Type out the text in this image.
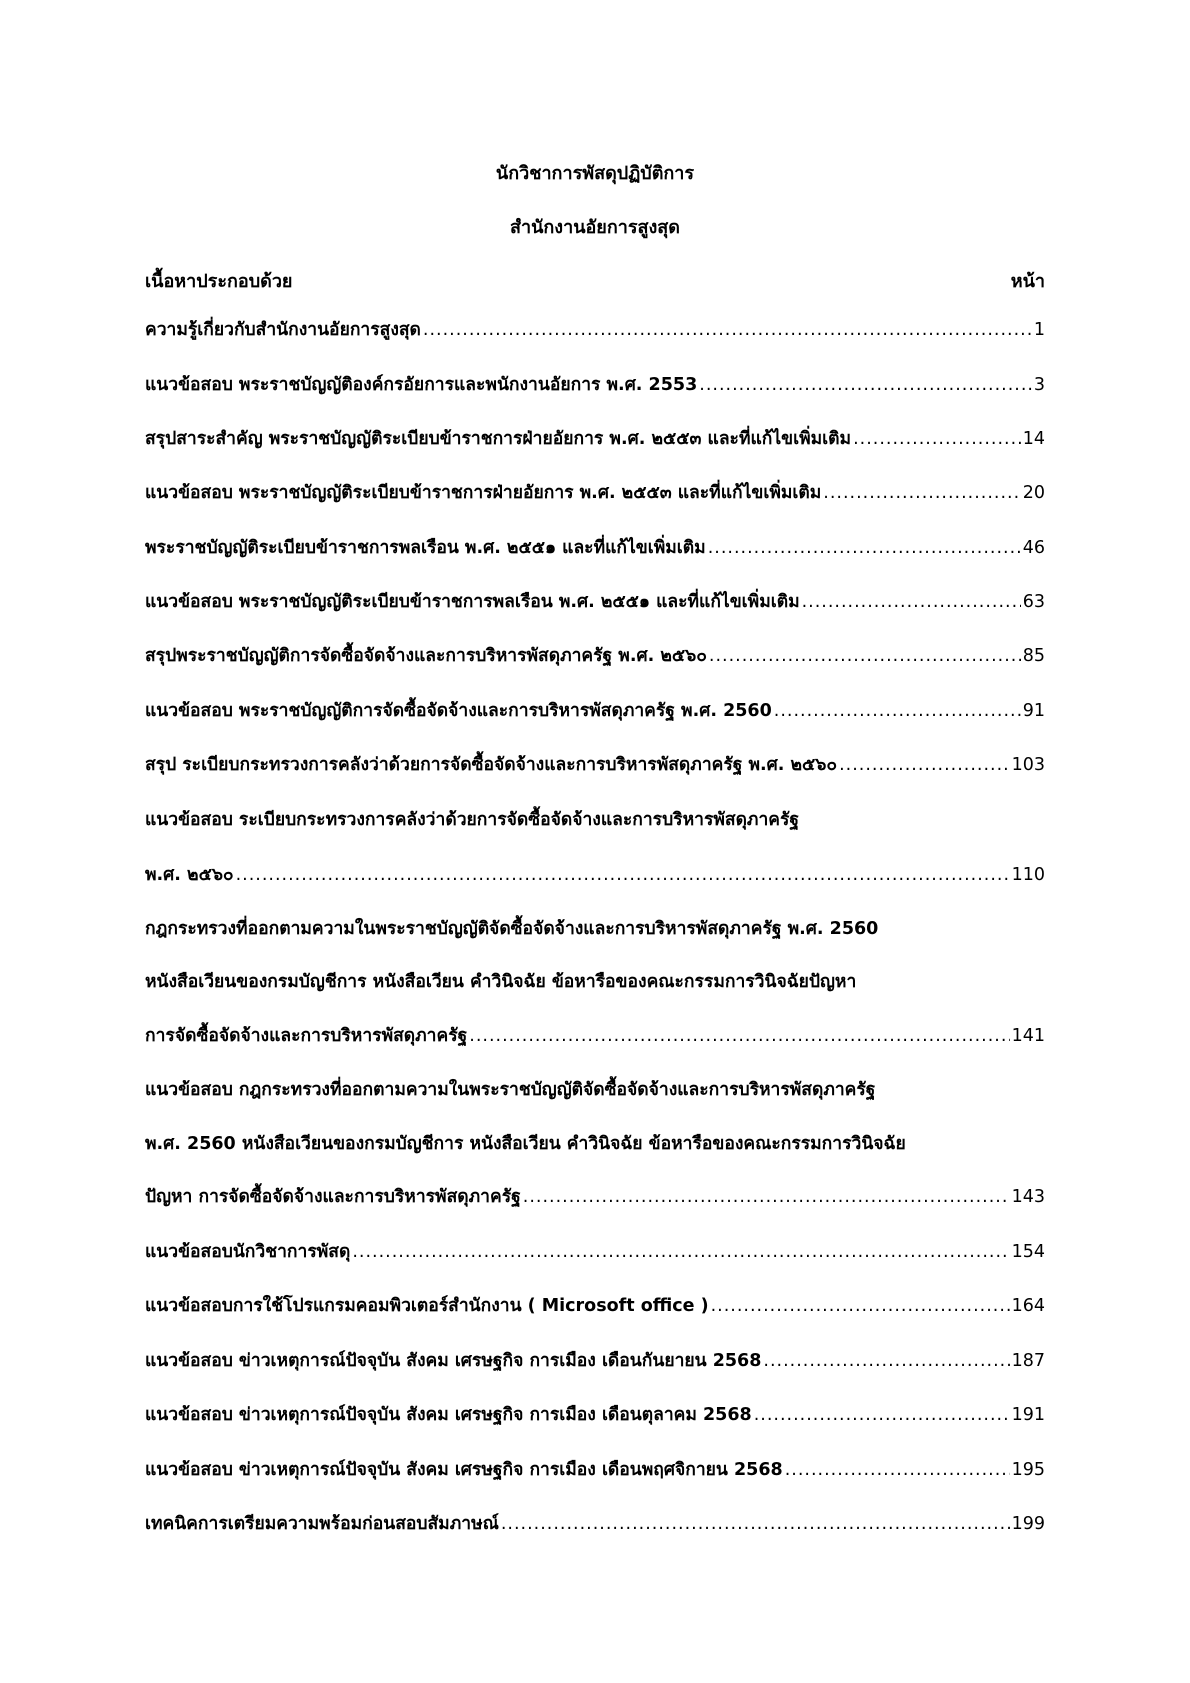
นักวิชาการพัสดุปฏิบัติการ
สำนักงานอัยการสูงสุด
เนื้อหาประกอบด้วย	หน้า
ความรู้เกี่ยวกับสำนักงานอัยการสูงสุด .....	1
แนวข้อสอบ พระราชบัญญัติองค์กรอัยการและพนักงานอัยการ พ.ศ. 2553 .....	3
สรุปสาระสำคัญ พระราชบัญญัติระเบียบข้าราชการฝ่ายอัยการ พ.ศ. ๒๕๕๓ และที่แก้ไขเพิ่มเติม .....	14
แนวข้อสอบ พระราชบัญญัติระเบียบข้าราชการฝ่ายอัยการ พ.ศ. ๒๕๕๓ และที่แก้ไขเพิ่มเติม .....	20
พระราชบัญญัติระเบียบข้าราชการพลเรือน พ.ศ. ๒๕๕๑ และที่แก้ไขเพิ่มเติม .....	46
แนวข้อสอบ พระราชบัญญัติระเบียบข้าราชการพลเรือน พ.ศ. ๒๕๕๑ และที่แก้ไขเพิ่มเติม .....	63
สรุปพระราชบัญญัติการจัดซื้อจัดจ้างและการบริหารพัสดุภาครัฐ พ.ศ. ๒๕๖๐ .....	85
แนวข้อสอบ พระราชบัญญัติการจัดซื้อจัดจ้างและการบริหารพัสดุภาครัฐ พ.ศ. 2560 .....	91
สรุป ระเบียบกระทรวงการคลังว่าด้วยการจัดซื้อจัดจ้างและการบริหารพัสดุภาครัฐ พ.ศ. ๒๕๖๐ .....	103
แนวข้อสอบ ระเบียบกระทรวงการคลังว่าด้วยการจัดซื้อจัดจ้างและการบริหารพัสดุภาครัฐ
พ.ศ. ๒๕๖๐ .....	110
กฎกระทรวงที่ออกตามความในพระราชบัญญัติจัดซื้อจัดจ้างและการบริหารพัสดุภาครัฐ พ.ศ. 2560
หนังสือเวียนของกรมบัญชีการ หนังสือเวียน คำวินิจฉัย ข้อหารือของคณะกรรมการวินิจฉัยปัญหา
การจัดซื้อจัดจ้างและการบริหารพัสดุภาครัฐ .....	141
แนวข้อสอบ กฎกระทรวงที่ออกตามความในพระราชบัญญัติจัดซื้อจัดจ้างและการบริหารพัสดุภาครัฐ
พ.ศ. 2560 หนังสือเวียนของกรมบัญชีการ หนังสือเวียน คำวินิจฉัย ข้อหารือของคณะกรรมการวินิจฉัย
ปัญหา การจัดซื้อจัดจ้างและการบริหารพัสดุภาครัฐ .....	143
แนวข้อสอบนักวิชาการพัสดุ .....	154
แนวข้อสอบการใช้โปรแกรมคอมพิวเตอร์สำนักงาน ( Microsoft office ) .....	164
แนวข้อสอบ ข่าวเหตุการณ์ปัจจุบัน สังคม เศรษฐกิจ การเมือง เดือนกันยายน 2568 .....	187
แนวข้อสอบ ข่าวเหตุการณ์ปัจจุบัน สังคม เศรษฐกิจ การเมือง เดือนตุลาคม 2568 .....	191
แนวข้อสอบ ข่าวเหตุการณ์ปัจจุบัน สังคม เศรษฐกิจ การเมือง เดือนพฤศจิกายน 2568 .....	195
เทคนิคการเตรียมความพร้อมก่อนสอบสัมภาษณ์ .....	199
